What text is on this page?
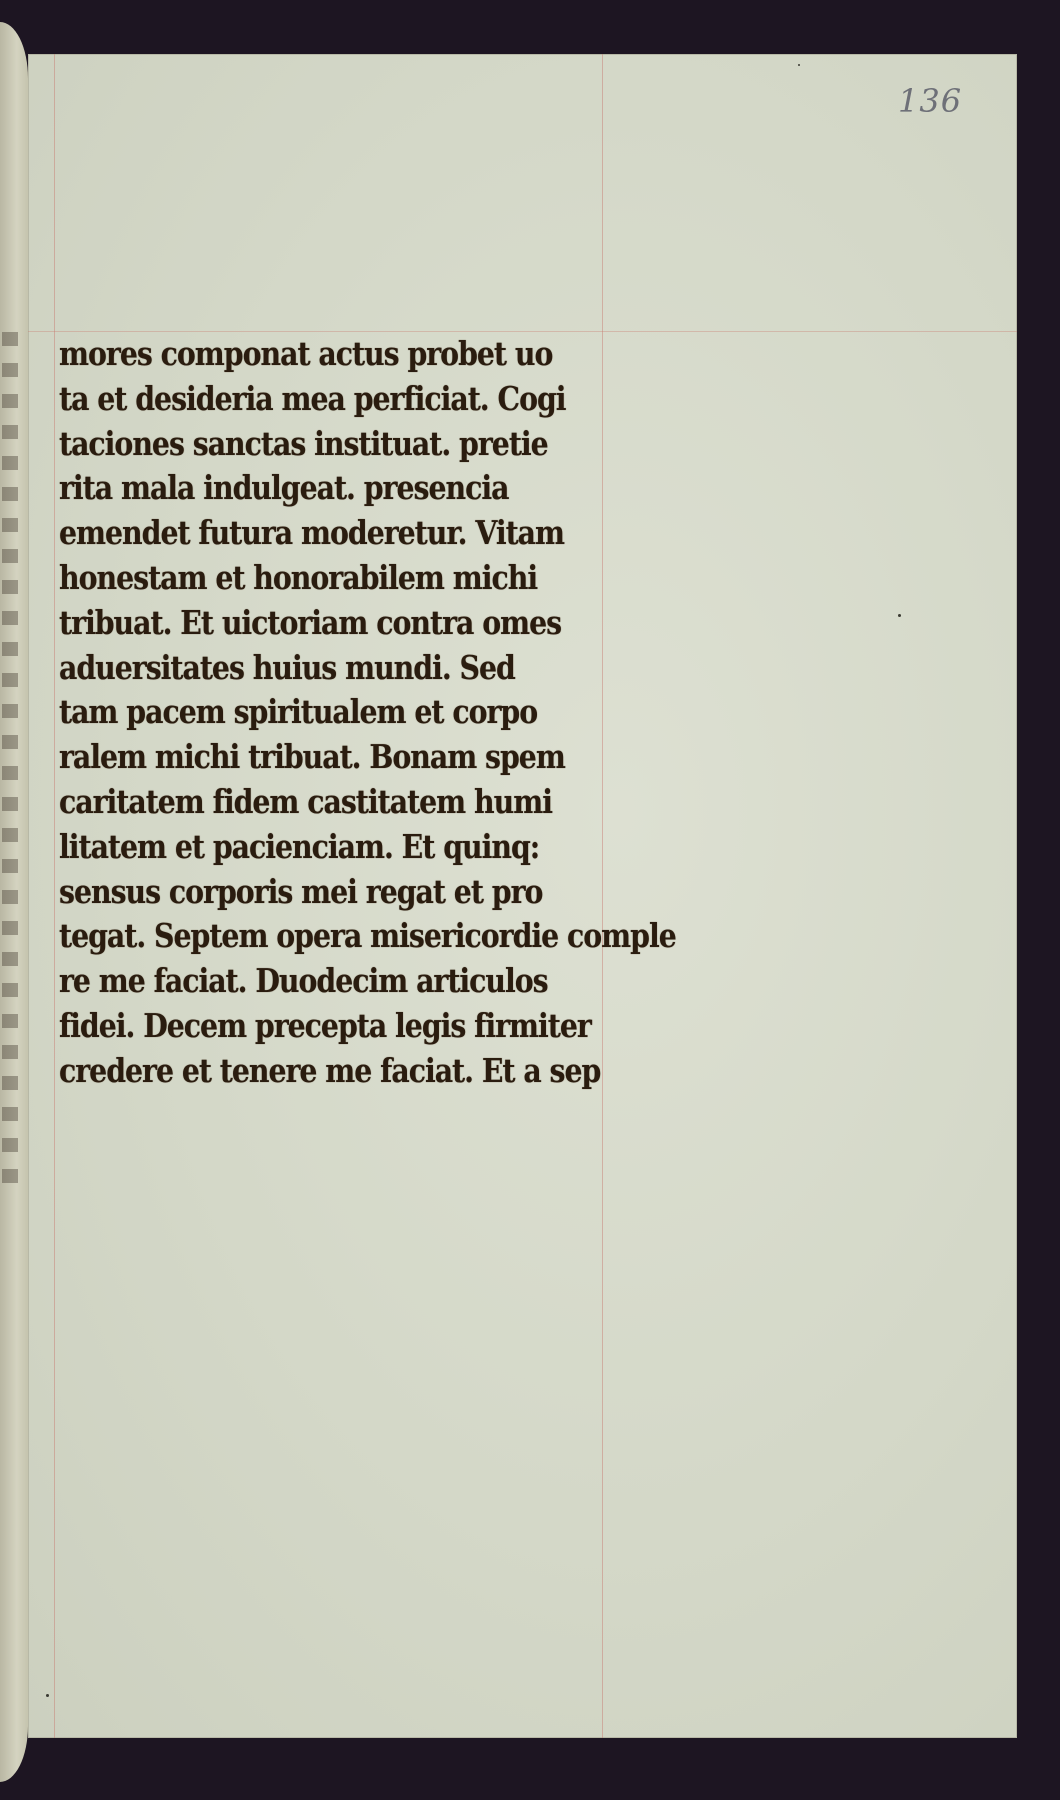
136
mores componat actus probet uo
ta et desideria mea perficiat. Cogi
taciones sanctas instituat. pretie
rita mala indulgeat. presencia
emendet futura moderetur. Vitam
honestam et honorabilem michi
tribuat. Et uictoriam contra omes
aduersitates huius mundi. Sed
tam pacem spiritualem et corpo
ralem michi tribuat. Bonam spem
caritatem fidem castitatem humi
litatem et pacienciam. Et quinq:
sensus corporis mei regat et pro
tegat. Septem opera misericordie comple
re me faciat. Duodecim articulos
fidei. Decem precepta legis firmiter
credere et tenere me faciat. Et a sep
